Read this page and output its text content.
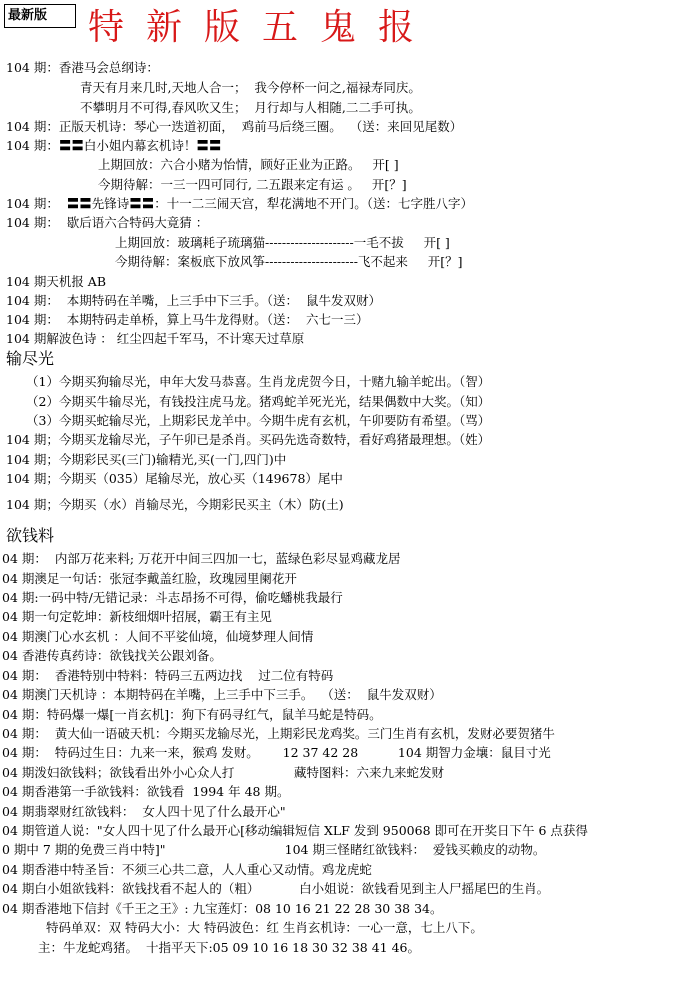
最新版	特新版五鬼报
104 期：香港马会总纲诗：
青天有月来几时,天地人合一；  我今停杯一问之,福禄寿同庆。
不攀明月不可得,春风吹又生；  月行却与人相随,二二手可执。
104 期：正版天机诗：琴心一迭道初面，  鸡前马后绕三圈。  （送：来回见尾数）
104 期：〓〓白小姐内幕玄机诗！〓〓
上期回放：六合小赌为怡情，顾好正业为正路。   开[ ]
今期待解：一三一四可同行, 二五跟来定有运 。   开[？]
104 期：  〓〓先锋诗〓〓：十一二三闹天宫，犁花满地不开门。（送：七字胜八字）
104 期：  歇后语六合特码大竟猜 ：
上期回放：玻璃耗子琉璃猫---------------------一毛不拔     开[ ]
今期待解：案板底下放风筝----------------------飞不起来     开[？]
104 期天机报 AB
104 期：  本期特码在羊嘴，上三手中下三手。（送：  鼠牛发双财）
104 期：  本期特码走单桥，算上马牛龙得财。（送：  六七一三）
104 期解波色诗 ： 红尘四起千军马，不计寒天过草原
输尽光
（1）今期买狗输尽光，申年大发马恭喜。生肖龙虎贺今日，十赌九输羊蛇出。（智）
（2）今期买牛输尽光，有钱投注虎马龙。猪鸡蛇羊死光光，结果偶数中大奖。（知）
（3）今期买蛇输尽光，上期彩民龙羊中。今期牛虎有玄机，午卯要防有希望。（骂）
104 期；今期买龙输尽光，子午卯已是杀肖。买码先选奇数特，看好鸡猪最理想。（姓）
104 期；今期彩民买(三门)输精光,买(一门,四门)中
104 期；今期买（035）尾输尽光，放心买（149678）尾中
104 期；今期买（水）肖输尽光，今期彩民买主（木）防(土)
欲钱料
04 期：  内部万花来料; 万花开中间三四加一七，蓝绿色彩尽显鸡藏龙居
04 期澳足一句话：张冠李戴盖红脸，玫瑰园里阑花开
04 期:一码中特/无错记录：斗志昂扬不可得，偷吃蟠桃我最行
04 期一句定乾坤：新枝细烟叶招展，霸王有主见
04 期澳门心水玄机 ：人间不平娑仙境，仙境梦理人间情
04 香港传真药诗：欲钱找关公跟刘备。
04 期：  香港特别中特料：特码三五两边找    过二位有特码
04 期澳门天机诗 ：本期特码在羊嘴，上三手中下三手。  （送：  鼠牛发双财）
04 期：特码爆一爆[一肖玄机]：狗下有码寻红气，鼠羊马蛇是特码。
04 期：  黄大仙一语破天机：今期买龙输尽光，上期彩民龙鸡奖。三门生肖有玄机，发财必要贺猪牛
04 期：  特码过生日：九来一来，猴鸡 发财。      12 37 42 28          104 期智力金壤：鼠目寸光
04 期泼妇欲钱料；欲钱看出外小心众人打               藏特图料：六来九来蛇发财
04 期香港第一手欲钱料：欲钱看  1994 年 48 期。
04 期翡翠财红欲钱料：  女人四十见了什么最开心"
04 期管道人说："女人四十见了什么最开心[移动编辑短信 XLF 发到 950068 即可在开奖日下午 6 点获得
0 期中 7 期的免费三肖中特]"                              104 期三怪睹红欲钱料：  爱钱买赖皮的动物。
04 期香港中特圣旨：不须三心共二意，人人重心又动情。鸡龙虎蛇
04 期白小姐欲钱料：欲钱找看不起人的（粗）          白小姐说：欲钱看见到主人尸摇尾巴的生肖。
04 期香港地下信封《千王之王》: 九宝莲灯：08 10 16 21 22 28 30 38 34。
特码单双：双 特码大小：大 特码波色：红 生肖玄机诗：一心一意，七上八下。
主：牛龙蛇鸡猪。  十指平天下:05 09 10 16 18 30 32 38 41 46。
